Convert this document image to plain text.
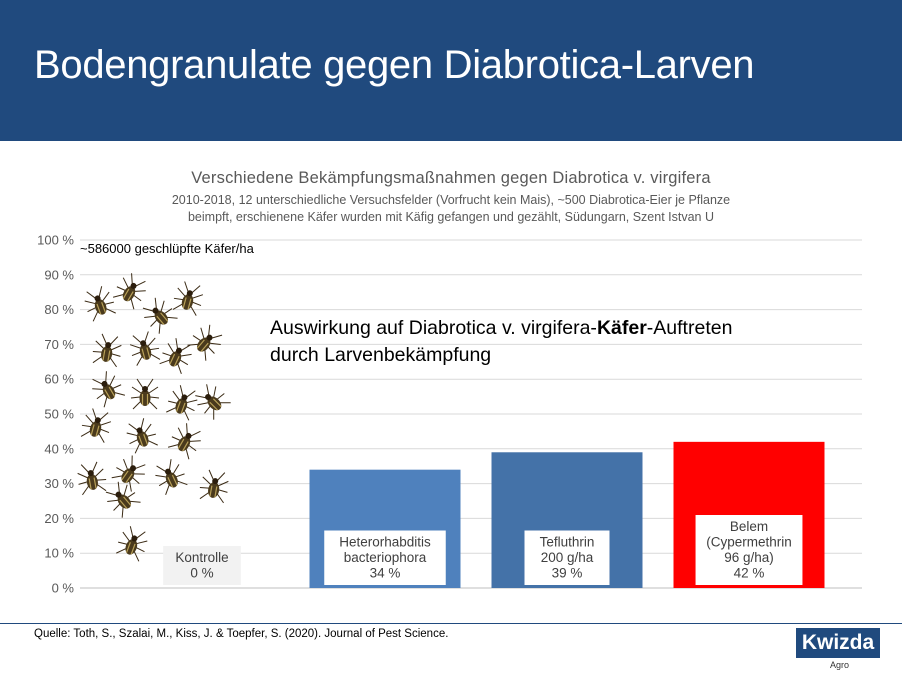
Bodengranulate gegen Diabrotica-Larven
Verschiedene Bekämpfungsmaßnahmen gegen Diabrotica v. virgifera
2010-2018, 12 unterschiedliche Versuchsfelder (Vorfrucht kein Mais), ~500 Diabrotica-Eier je Pflanze
beimpft, erschienene Käfer wurden mit Käfig gefangen und gezählt, Südungarn, Szent Istvan U
0 %
10 %
20 %
30 %
40 %
50 %
60 %
70 %
80 %
90 %
100 %
Kontrolle
0 %
Heterorhabditis
bacteriophora
34 %
Tefluthrin
200 g/ha
39 %
Belem
(Cypermethrin
96 g/ha)
42 %
~586000 geschlüpfte Käfer/ha
Auswirkung auf Diabrotica v. virgifera-Käfer-Auftreten
durch Larvenbekämpfung
Quelle: Toth, S., Szalai, M., Kiss, J. & Toepfer, S. (2020). Journal of Pest Science.	Kwizda
Agro
